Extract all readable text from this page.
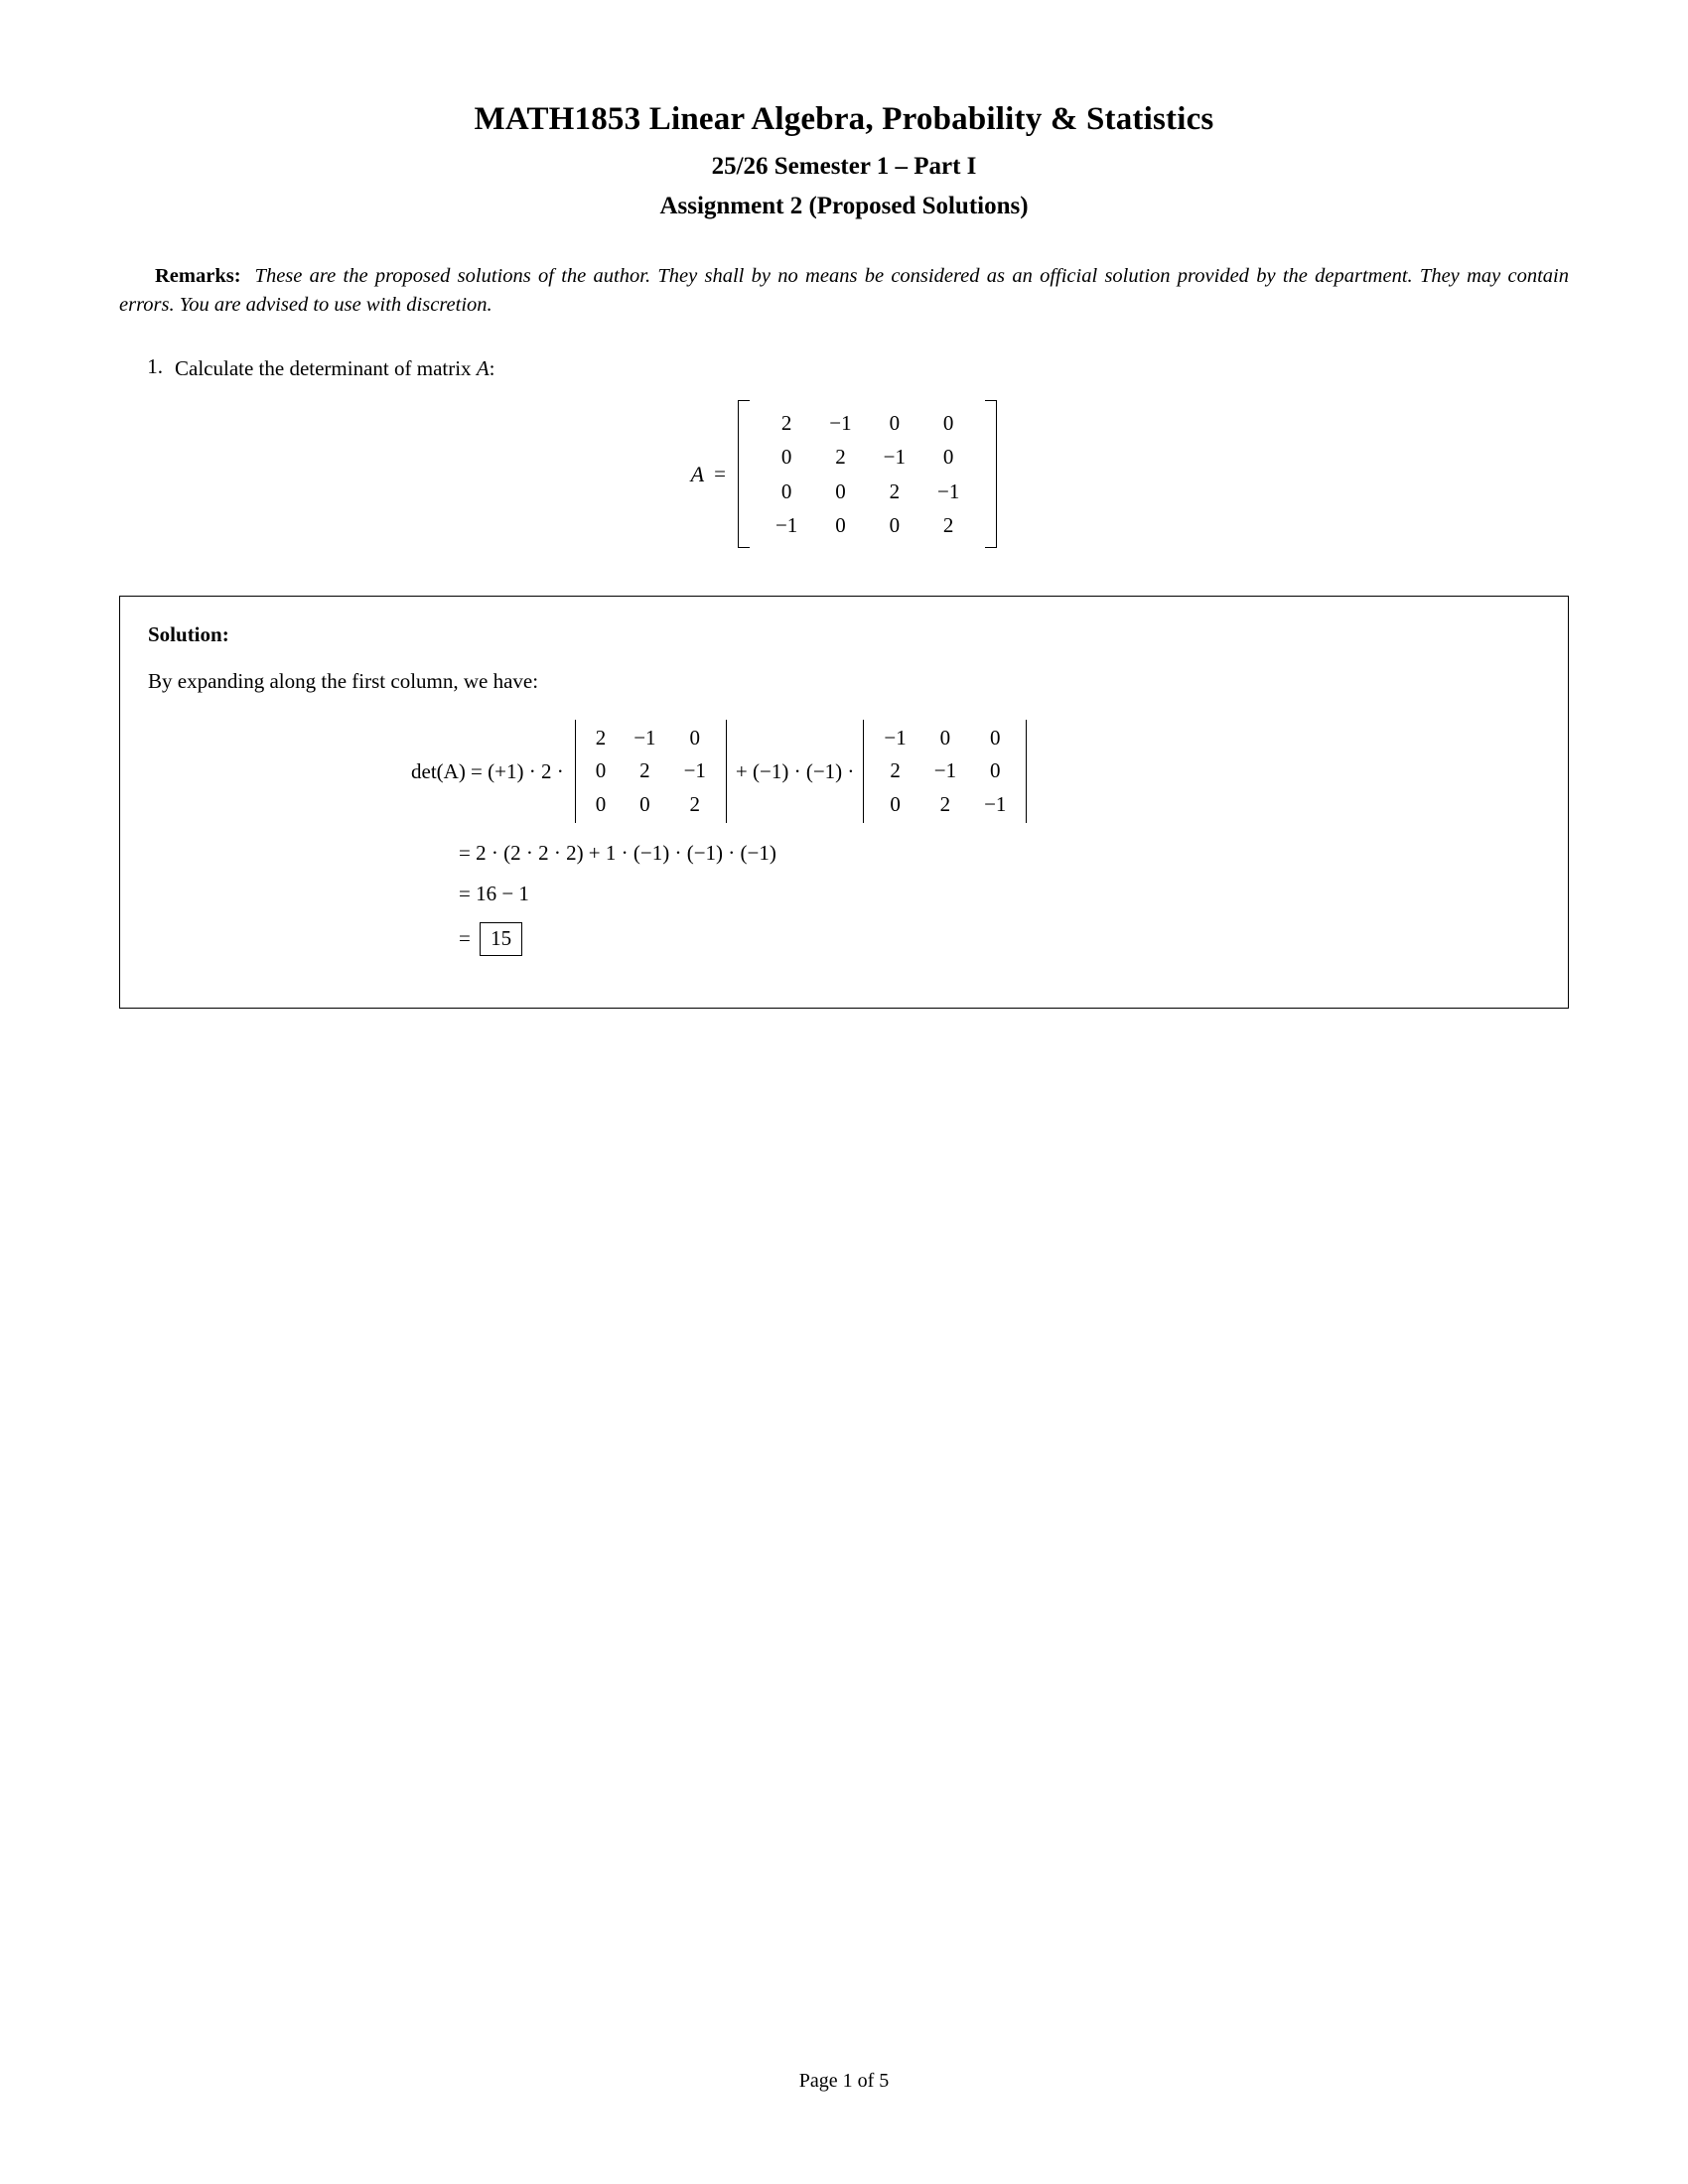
MATH1853 Linear Algebra, Probability & Statistics
25/26 Semester 1 – Part I
Assignment 2 (Proposed Solutions)
Remarks: These are the proposed solutions of the author. They shall by no means be considered as an official solution provided by the department. They may contain errors. You are advised to use with discretion.
1. Calculate the determinant of matrix A:
A =
2	−1	0	0
0	2	−1	0
0	0	2	−1
−1	0	0	2
Solution:
By expanding along the first column, we have:
det(A) = (+1) · 2 ·
2	−1	0
0	2	−1
0	0	2
+ (−1) · (−1) ·
−1	0	0
2	−1	0
0	2	−1
= 2 · (2 · 2 · 2) + 1 · (−1) · (−1) · (−1)
= 16 − 1
= 15
Page 1 of 5
